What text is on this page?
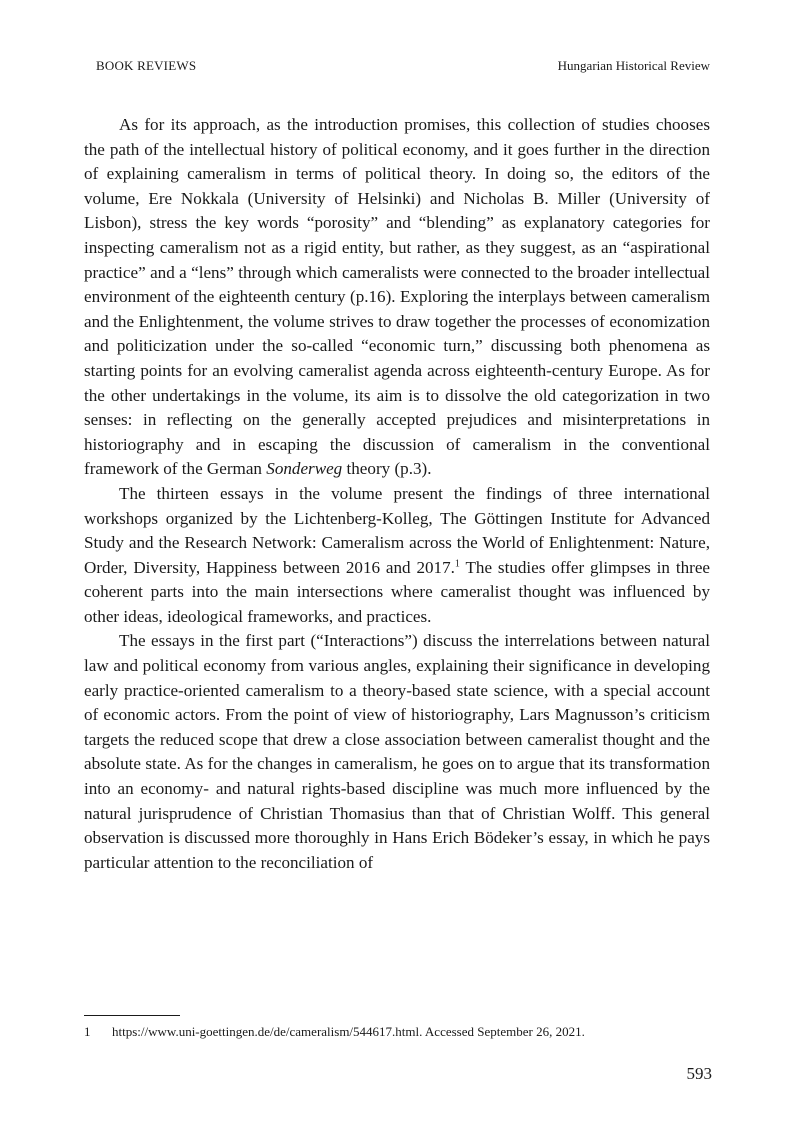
BOOK REVIEWS	Hungarian Historical Review

As for its approach, as the introduction promises, this collection of studies chooses the path of the intellectual history of political economy, and it goes further in the direction of explaining cameralism in terms of political theory. In doing so, the editors of the volume, Ere Nokkala (University of Helsinki) and Nicholas B. Miller (University of Lisbon), stress the key words “porosity” and “blending” as explanatory categories for inspecting cameralism not as a rigid entity, but rather, as they suggest, as an “aspirational practice” and a “lens” through which cameralists were connected to the broader intellectual environment of the eighteenth century (p.16). Exploring the interplays between cameralism and the Enlightenment, the volume strives to draw together the processes of economization and politicization under the so-called “economic turn,” discussing both phenomena as starting points for an evolving cameralist agenda across eighteenth-century Europe. As for the other undertakings in the volume, its aim is to dissolve the old categorization in two senses: in reflecting on the generally accepted prejudices and misinterpretations in historiography and in escaping the discussion of cameralism in the conventional framework of the German Sonderweg theory (p.3).

The thirteen essays in the volume present the findings of three international workshops organized by the Lichtenberg-Kolleg, The Göttingen Institute for Advanced Study and the Research Network: Cameralism across the World of Enlightenment: Nature, Order, Diversity, Happiness between 2016 and 2017.$^1$ The studies offer glimpses in three coherent parts into the main intersections where cameralist thought was influenced by other ideas, ideological frameworks, and practices.

The essays in the first part (“Interactions”) discuss the interrelations between natural law and political economy from various angles, explaining their significance in developing early practice-oriented cameralism to a theory-based state science, with a special account of economic actors. From the point of view of historiography, Lars Magnusson’s criticism targets the reduced scope that drew a close association between cameralist thought and the absolute state. As for the changes in cameralism, he goes on to argue that its transformation into an economy- and natural rights-based discipline was much more influenced by the natural jurisprudence of Christian Thomasius than that of Christian Wolff. This general observation is discussed more thoroughly in Hans Erich Bödeker’s essay, in which he pays particular attention to the reconciliation of

1 https://www.uni-goettingen.de/de/cameralism/544617.html. Accessed September 26, 2021.
593
